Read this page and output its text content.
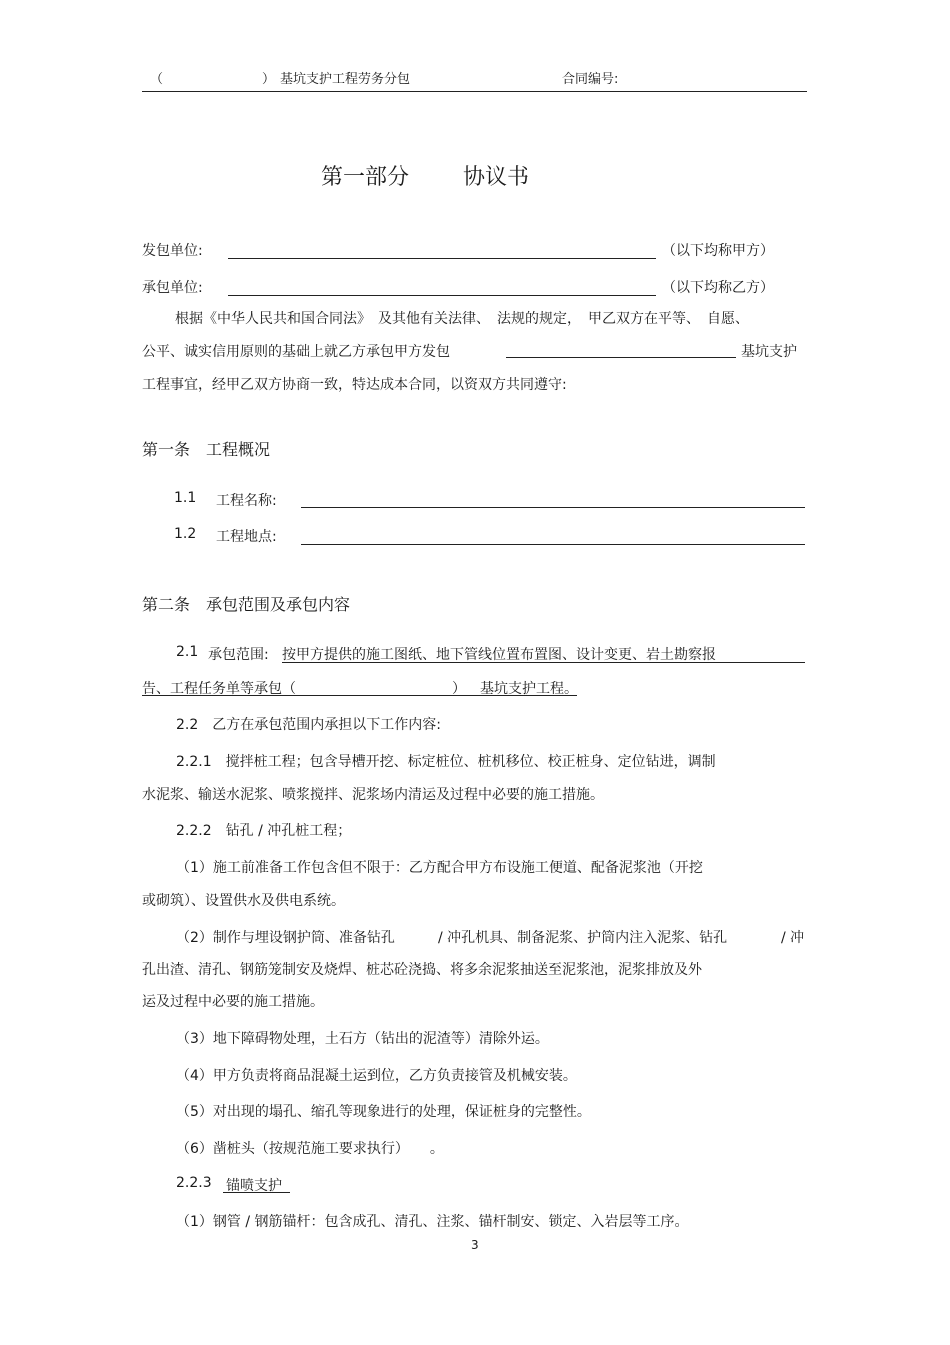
（	） 基坑支护工程劳务分包	合同编号:
第一部分 协议书
发包单位:	（以下均称甲方）
承包单位:	（以下均称乙方）
根据《中华人民共和国合同法》　及其他有关法律、　法规的规定，　甲乙双方在平等、　自愿、
公平、诚实信用原则的基础上就乙方承包甲方发包	基坑支护
工程事宜，经甲乙双方协商一致，特达成本合同，以资双方共同遵守:
第一条　工程概况
1.1 工程名称:
1.2 工程地点:
第二条　承包范围及承包内容
2.1 承包范围: 按甲方提供的施工图纸、地下管线位置布置图、设计变更、岩土勘察报
告、工程任务单等承包（	） 基坑支护工程。
2.2　乙方在承包范围内承担以下工作内容:
2.2.1　搅拌桩工程；包含导槽开挖、标定桩位、桩机移位、校正桩身、定位钻进，调制
水泥浆、输送水泥浆、喷浆搅拌、泥浆场内清运及过程中必要的施工措施。
2.2.2　钻孔 / 冲孔桩工程；
（1）施工前准备工作包含但不限于：乙方配合甲方布设施工便道、配备泥浆池（开挖
或砌筑）、设置供水及供电系统。
（2）制作与埋设钢护筒、准备钻孔	/ 冲孔机具、制备泥浆、护筒内注入泥浆、钻孔	/ 冲
孔出渣、清孔、钢筋笼制安及烧焊、桩芯砼浇捣、将多余泥浆抽送至泥浆池，泥浆排放及外
运及过程中必要的施工措施。
（3）地下障碍物处理，土石方（钻出的泥渣等）清除外运。
（4）甲方负责将商品混凝土运到位，乙方负责接管及机械安装。
（5）对出现的塌孔、缩孔等现象进行的处理，保证桩身的完整性。
（6）凿桩头（按规范施工要求执行）　　。
2.2.3 锚喷支护
（1）钢管 / 钢筋锚杆：包含成孔、清孔、注浆、锚杆制安、锁定、入岩层等工序。
3
